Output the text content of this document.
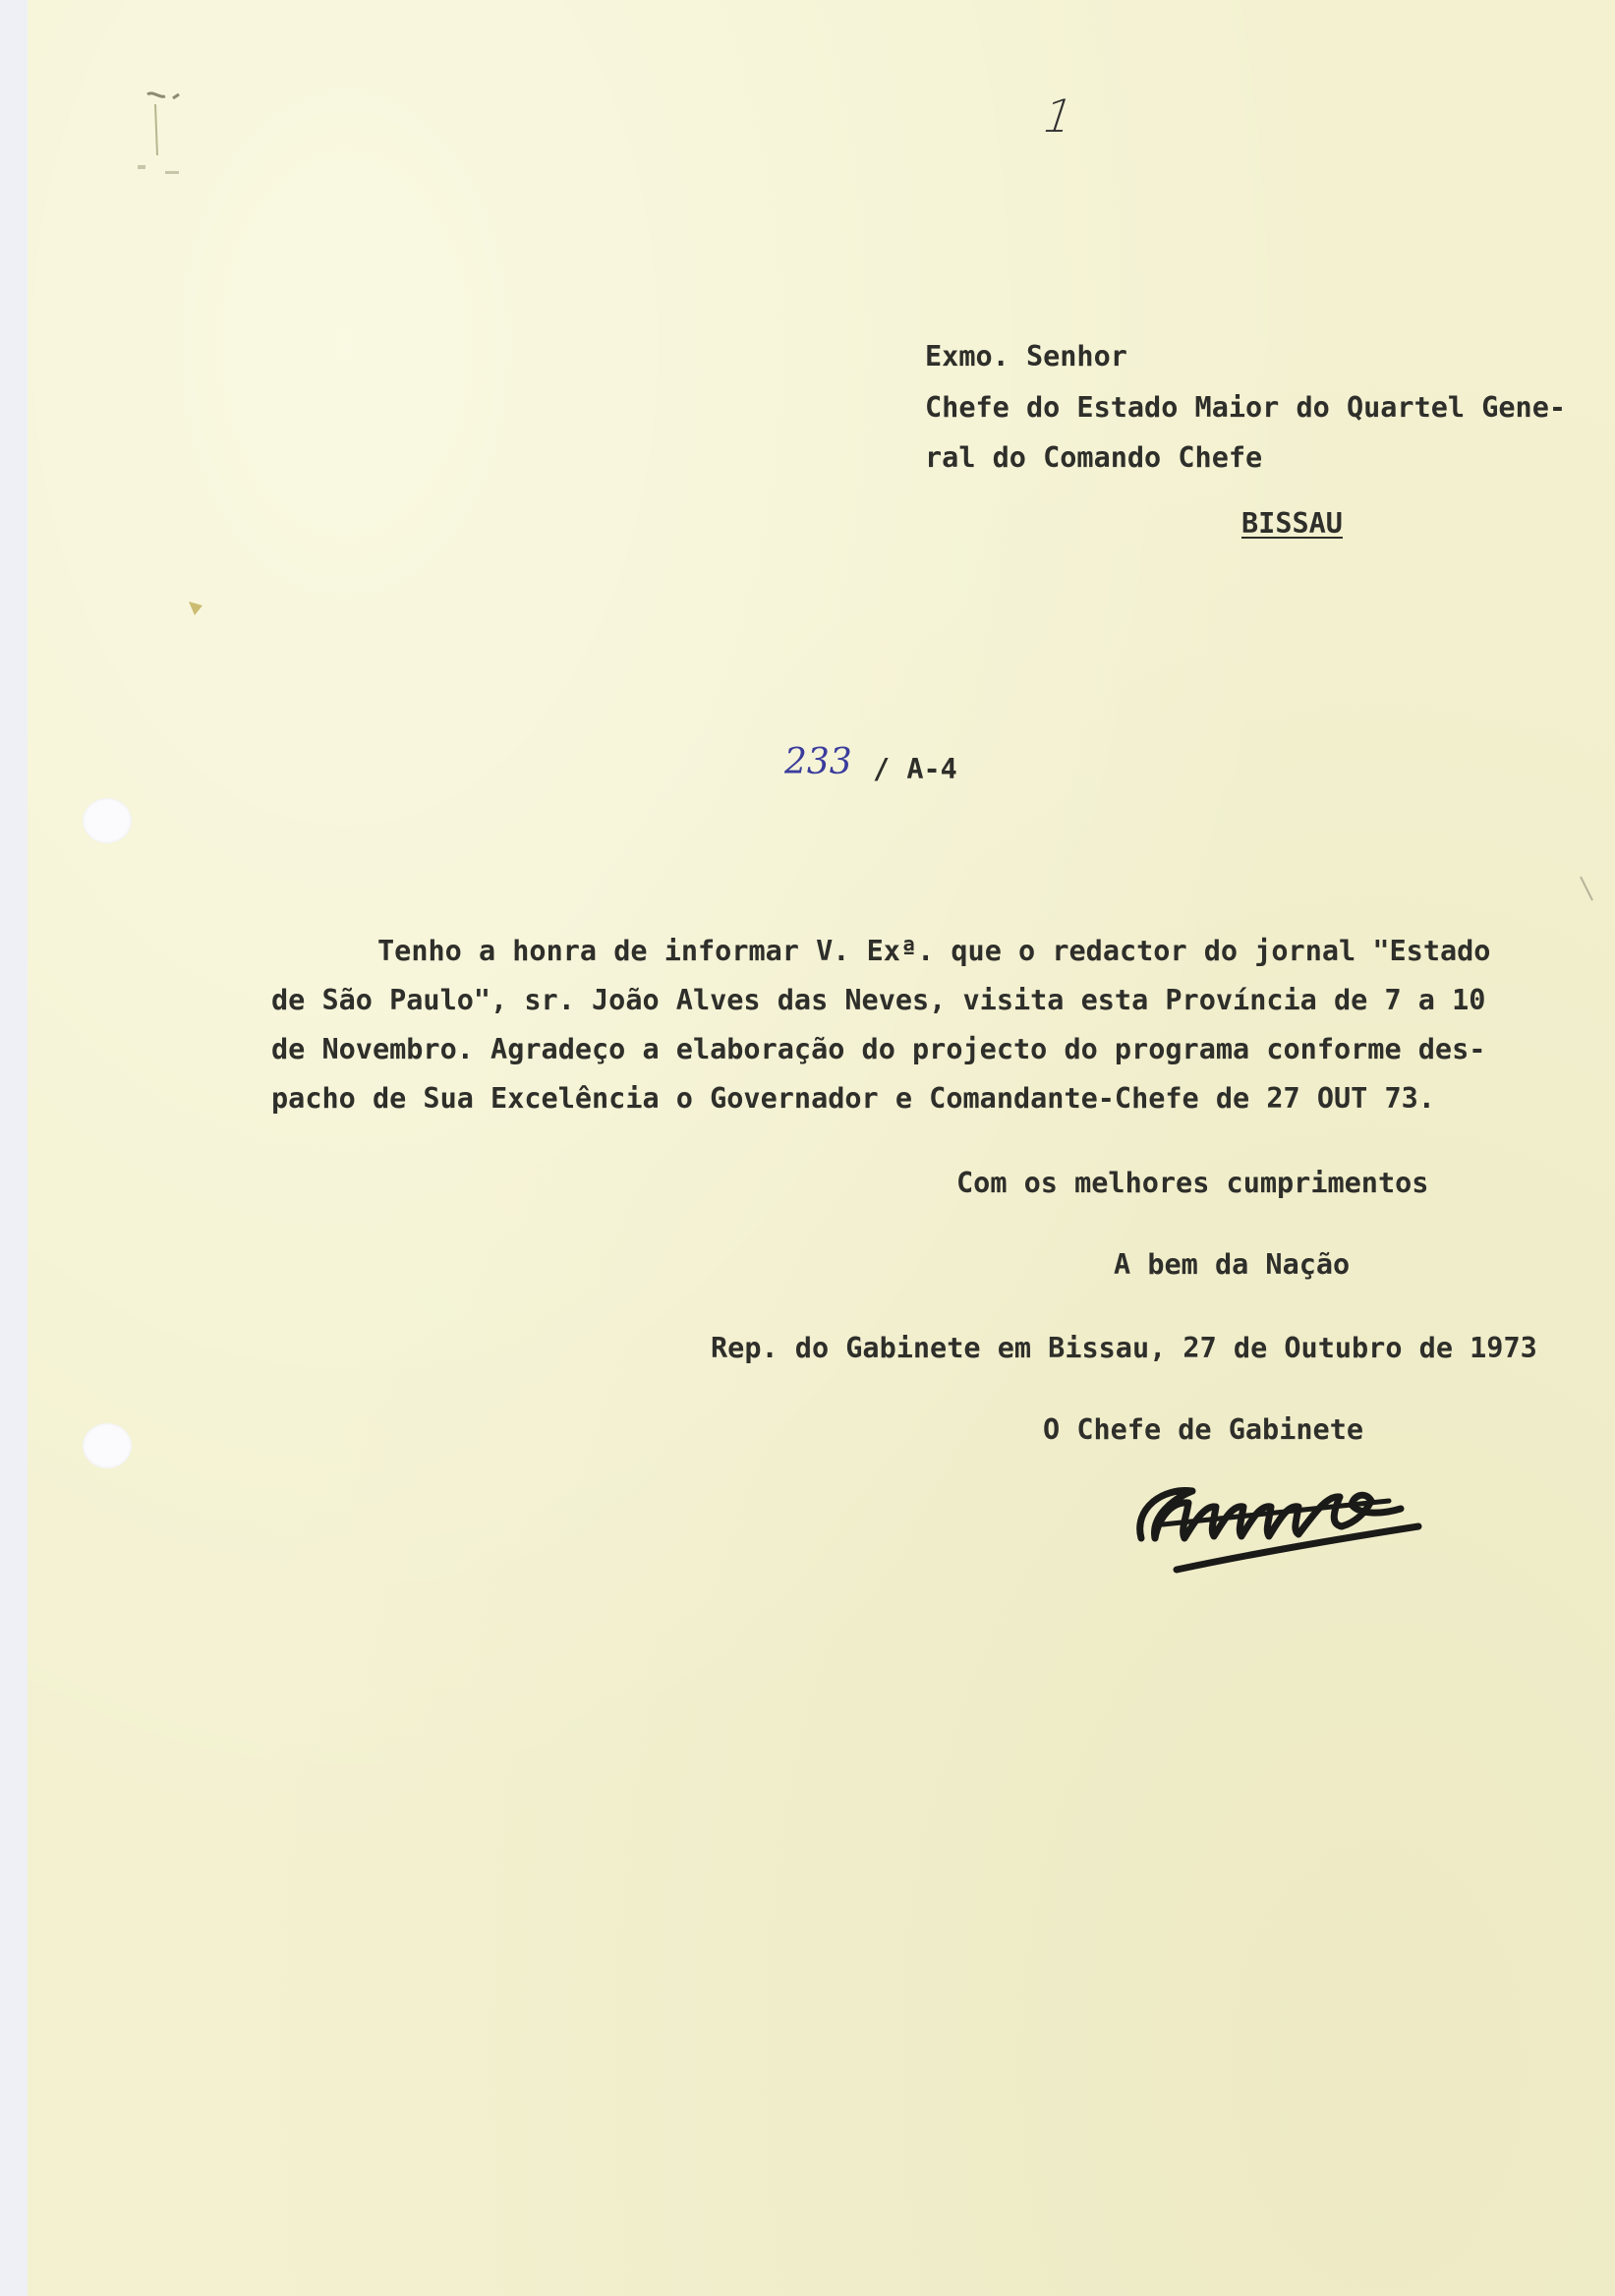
1
Exmo. Senhor
Chefe do Estado Maior do Quartel Gene-
ral do Comando Chefe
BISSAU
233 / A-4
Tenho a honra de informar V. Exª. que o redactor do jornal "Estado
de São Paulo", sr. João Alves das Neves, visita esta Província de 7 a 10
de Novembro. Agradeço a elaboração do projecto do programa conforme des-
pacho de Sua Excelência o Governador e Comandante-Chefe de 27 OUT 73.
Com os melhores cumprimentos
A bem da Nação
Rep. do Gabinete em Bissau, 27 de Outubro de 1973
O Chefe de Gabinete
